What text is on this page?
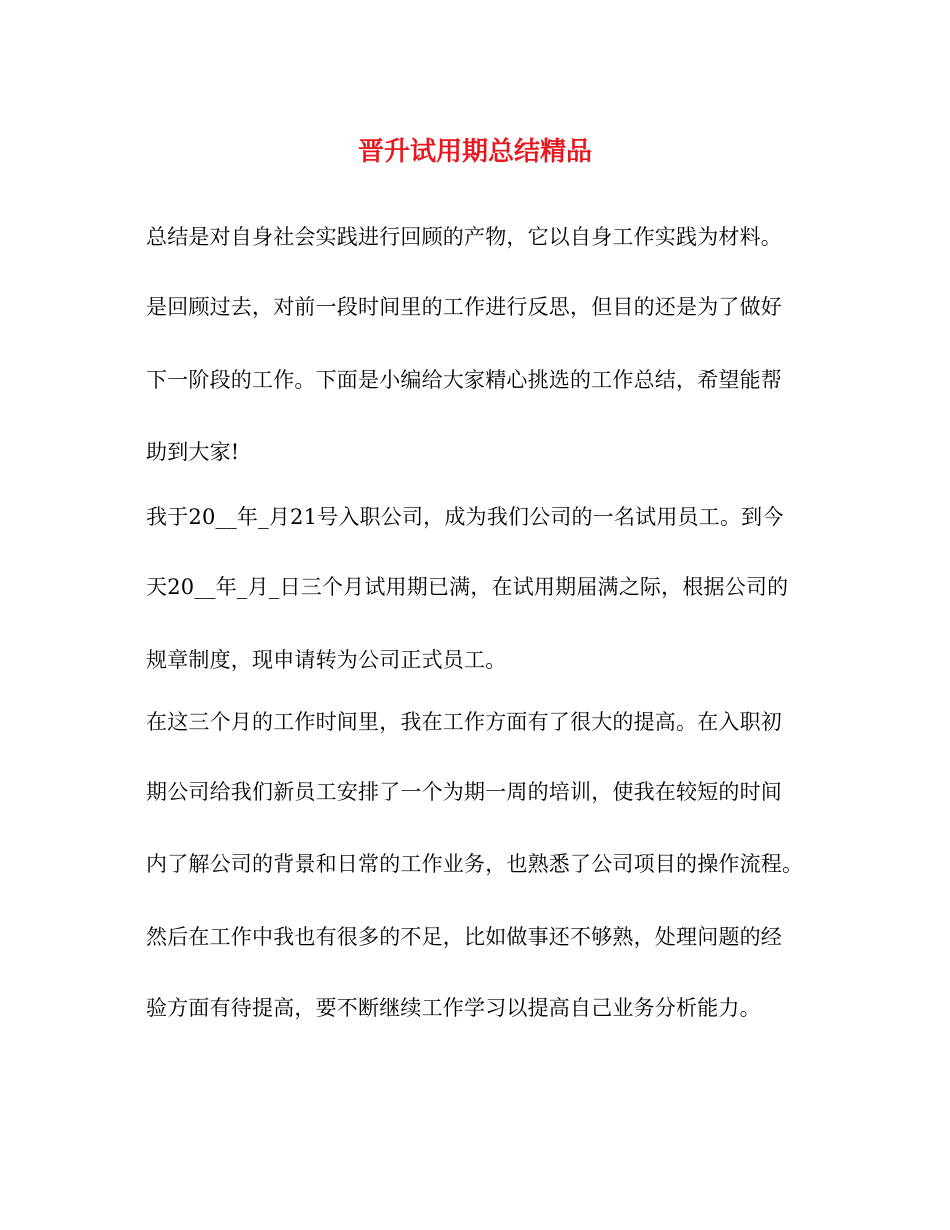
晋升试用期总结精品
总结是对自身社会实践进行回顾的产物，它以自身工作实践为材料。
是回顾过去，对前一段时间里的工作进行反思，但目的还是为了做好
下一阶段的工作。下面是小编给大家精心挑选的工作总结，希望能帮
助到大家!
我于20__年_月21号入职公司，成为我们公司的一名试用员工。到今
天20__年_月_日三个月试用期已满，在试用期届满之际，根据公司的
规章制度，现申请转为公司正式员工。
在这三个月的工作时间里，我在工作方面有了很大的提高。在入职初
期公司给我们新员工安排了一个为期一周的培训，使我在较短的时间
内了解公司的背景和日常的工作业务，也熟悉了公司项目的操作流程。
然后在工作中我也有很多的不足，比如做事还不够熟，处理问题的经
验方面有待提高，要不断继续工作学习以提高自己业务分析能力。
